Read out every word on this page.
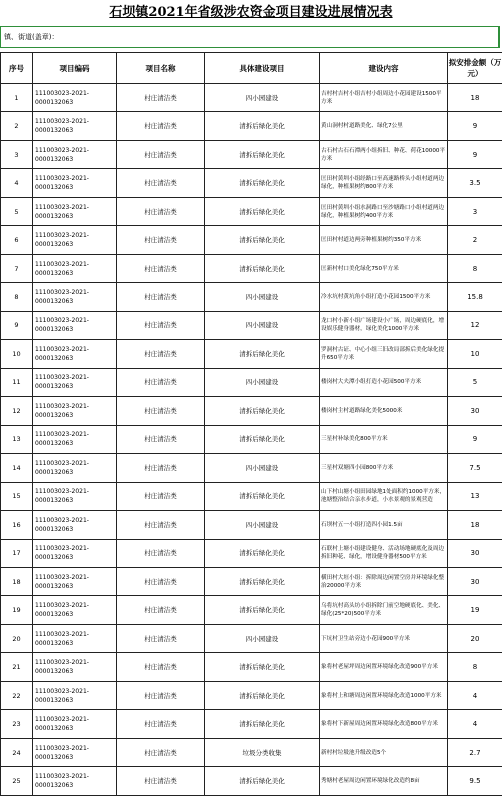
石坝镇2021年省级涉农资金项目建设进展情况表
镇、街道(盖章)：
序号	项目编码	项目名称	具体建设项目	建设内容	拟安排金额（万元）
1	11100302​3-2021-0000132063	村庄清洁类	四小园建设	吉村村吉村小组吉村小组周边小花园建设1500平方米	18
2	11100302​3-2021-0000132063	村庄清洁类	清拆后绿化美化	黄山洞村村道路美化、绿化7公里	9
3	11100302​3-2021-0000132063	村庄清洁类	清拆后绿化美化	古石村古石石潭两小组拆旧、种花、荷花10000平方米	9
4	11100302​3-2021-0000132063	村庄清洁类	清拆后绿化美化	匡田村黄圳小组经路口至高速路桥头小组村道两边绿化，种植果树约800平方米	3.5
5	11100302​3-2021-0000132063	村庄清洁类	清拆后绿化美化	匡田村黄圳小组水洞路口至沙塘路口小组村道两边绿化，种植果树约400平方米	3
6	11100302​3-2021-0000132063	村庄清洁类	清拆后绿化美化	匡田村村道边两旁种植果树约350平方米	2
7	11100302​3-2021-0000132063	村庄清洁类	清拆后绿化美化	匡新村村口美化绿化750平方米	8
8	11100302​3-2021-0000132063	村庄清洁类	四小园建设	冷水坑村黄坑角小组打造小花园1500平方米	15.8
9	11100302​3-2021-0000132063	村庄清洁类	四小园建设	龙口村小新小组广场建设小广场，周边硬底化，增设娱乐健身器材，绿化美化1000平方米	12
10	11100302​3-2021-0000132063	村庄清洁类	清拆后绿化美化	罗洞村古证、中心小组三旧改局部拆后美化绿化提升650平方米	10
11	11100302​3-2021-0000132063	村庄清洁类	四小园建设	楼岗村大夫潭小组打造小花园500平方米	5
12	11100302​3-2021-0000132063	村庄清洁类	清拆后绿化美化	楼岗村主村道路绿化美化5000米	30
13	11100302​3-2021-0000132063	村庄清洁类	清拆后绿化美化	三星村补绿美化800平方米	9
14	11100302​3-2021-0000132063	村庄清洁类	四小园建设	三星村双塘四小园800平方米	7.5
15	11100302​3-2021-0000132063	村庄清洁类	清拆后绿化美化	山下村山塘小组田园绿地1处面积约1000平方米，池塘整治结合亲水步道，小水景观的景观营造	13
16	11100302​3-2021-0000132063	村庄清洁类	四小园建设	石坝村五一小组打造四小园1.5亩	18
17	11100302​3-2021-0000132063	村庄清洁类	清拆后绿化美化	石联村上塘小组建设健身、活动场地硬底化及周边拆旧种花、绿化，增设健身器材500平方米	30
18	11100302​3-2021-0000132063	村庄清洁类	清拆后绿化美化	横田村大垣小组：拆除周边闲置空房并环境绿化整治20000平方米	30
19	11100302​3-2021-0000132063	村庄清洁类	清拆后绿化美化	乌将坑村高头坊小组拆除门前空地硬底化、美化、绿化(25*20)500平方米	19
20	11100302​3-2021-0000132063	村庄清洁类	四小园建设	下坑村卫生站旁边小花园900平方米	20
21	11100302​3-2021-0000132063	村庄清洁类	清拆后绿化美化	象将村老屋坪周边闲置环境绿化改造900平方米	8
22	11100302​3-2021-0000132063	村庄清洁类	清拆后绿化美化	象将村上和塘周边闲置环境绿化改造1000平方米	4
23	11100302​3-2021-0000132063	村庄清洁类	清拆后绿化美化	象将村下新屋周边闲置环境绿化改造800平方米	4
24	11100302​3-2021-0000132063	村庄清洁类	垃圾分类收集	新村村垃圾池升级改造5个	2.7
25	11100302​3-2021-0000132063	村庄清洁类	清拆后绿化美化	秀塘村老屋周边闲置环境绿化改造约8亩	9.5
